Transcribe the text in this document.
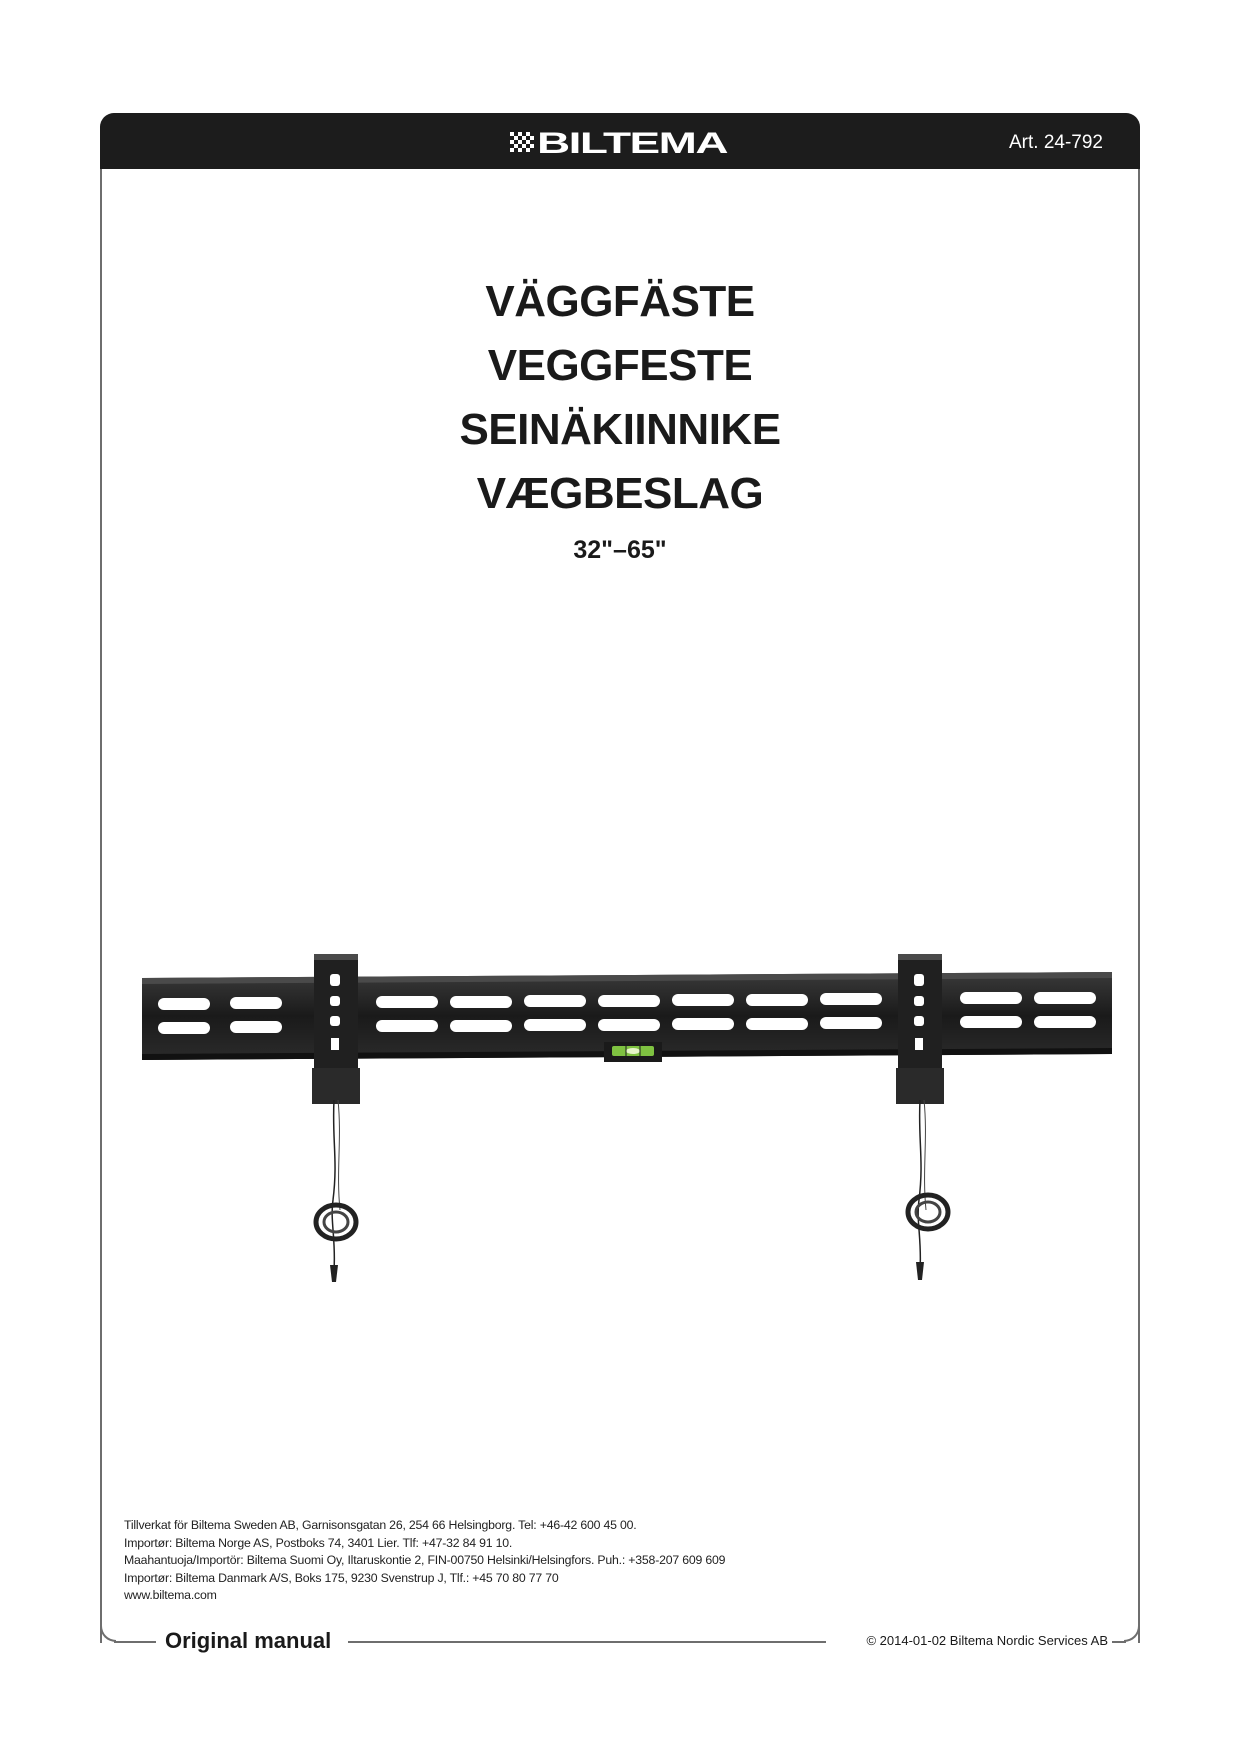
BILTEMA	Art. 24-792
VÄGGFÄSTE
VEGGFESTE
SEINÄKIINNIKE
VÆGBESLAG
32"–65"
Tillverkat för Biltema Sweden AB, Garnisonsgatan 26, 254 66 Helsingborg. Tel: +46-42 600 45 00.
Importør: Biltema Norge AS, Postboks 74, 3401 Lier. Tlf: +47-32 84 91 10.
Maahantuoja/Importör: Biltema Suomi Oy, Iltaruskontie 2, FIN-00750 Helsinki/Helsingfors. Puh.: +358-207 609 609
Importør: Biltema Danmark A/S, Boks 175, 9230 Svenstrup J, Tlf.: +45 70 80 77 70
www.biltema.com
Original manual	© 2014-01-02 Biltema Nordic Services AB
